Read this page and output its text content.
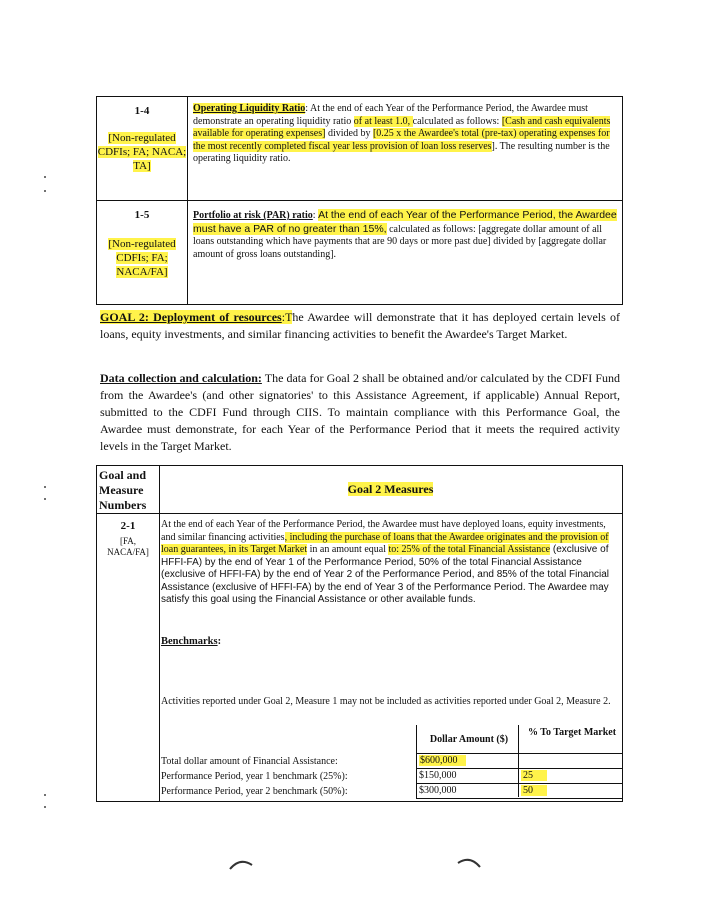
1-4
[Non-regulated CDFIs; FA; NACA; TA]
Operating Liquidity Ratio: At the end of each Year of the Performance Period, the Awardee must demonstrate an operating liquidity ratio of at least 1.0, calculated as follows: [Cash and cash equivalents available for operating expenses] divided by [0.25 x the Awardee's total (pre-tax) operating expenses for the most recently completed fiscal year less provision of loan loss reserves]. The resulting number is the operating liquidity ratio.
1-5
[Non-regulated CDFIs; FA; NACA/FA]
Portfolio at risk (PAR) ratio: At the end of each Year of the Performance Period, the Awardee must have a PAR of no greater than 15%, calculated as follows: [aggregate dollar amount of all loans outstanding which have payments that are 90 days or more past due] divided by [aggregate dollar amount of gross loans outstanding].
GOAL 2: Deployment of resources:The Awardee will demonstrate that it has deployed certain levels of loans, equity investments, and similar financing activities to benefit the Awardee's Target Market.
Data collection and calculation: The data for Goal 2 shall be obtained and/or calculated by the CDFI Fund from the Awardee's (and other signatories' to this Assistance Agreement, if applicable) Annual Report, submitted to the CDFI Fund through CIIS. To maintain compliance with this Performance Goal, the Awardee must demonstrate, for each Year of the Performance Period that it meets the required activity levels in the Target Market.
Goal and Measure Numbers
Goal 2 Measures
2-1
[FA, NACA/FA]
At the end of each Year of the Performance Period, the Awardee must have deployed loans, equity investments, and similar financing activities, including the purchase of loans that the Awardee originates and the provision of loan guarantees, in its Target Market in an amount equal to: 25% of the total Financial Assistance (exclusive of HFFI-FA) by the end of Year 1 of the Performance Period, 50% of the total Financial Assistance (exclusive of HFFI-FA) by the end of Year 2 of the Performance Period, and 85% of the total Financial Assistance (exclusive of HFFI-FA) by the end of Year 3 of the Performance Period. The Awardee may satisfy this goal using the Financial Assistance or other available funds.
Benchmarks:
Activities reported under Goal 2, Measure 1 may not be included as activities reported under Goal 2, Measure 2.
Dollar Amount ($)
% To Target Market
Total dollar amount of Financial Assistance:	$600,000
Performance Period, year 1 benchmark (25%):	$150,000	25
Performance Period, year 2 benchmark (50%):	$300,000	50
